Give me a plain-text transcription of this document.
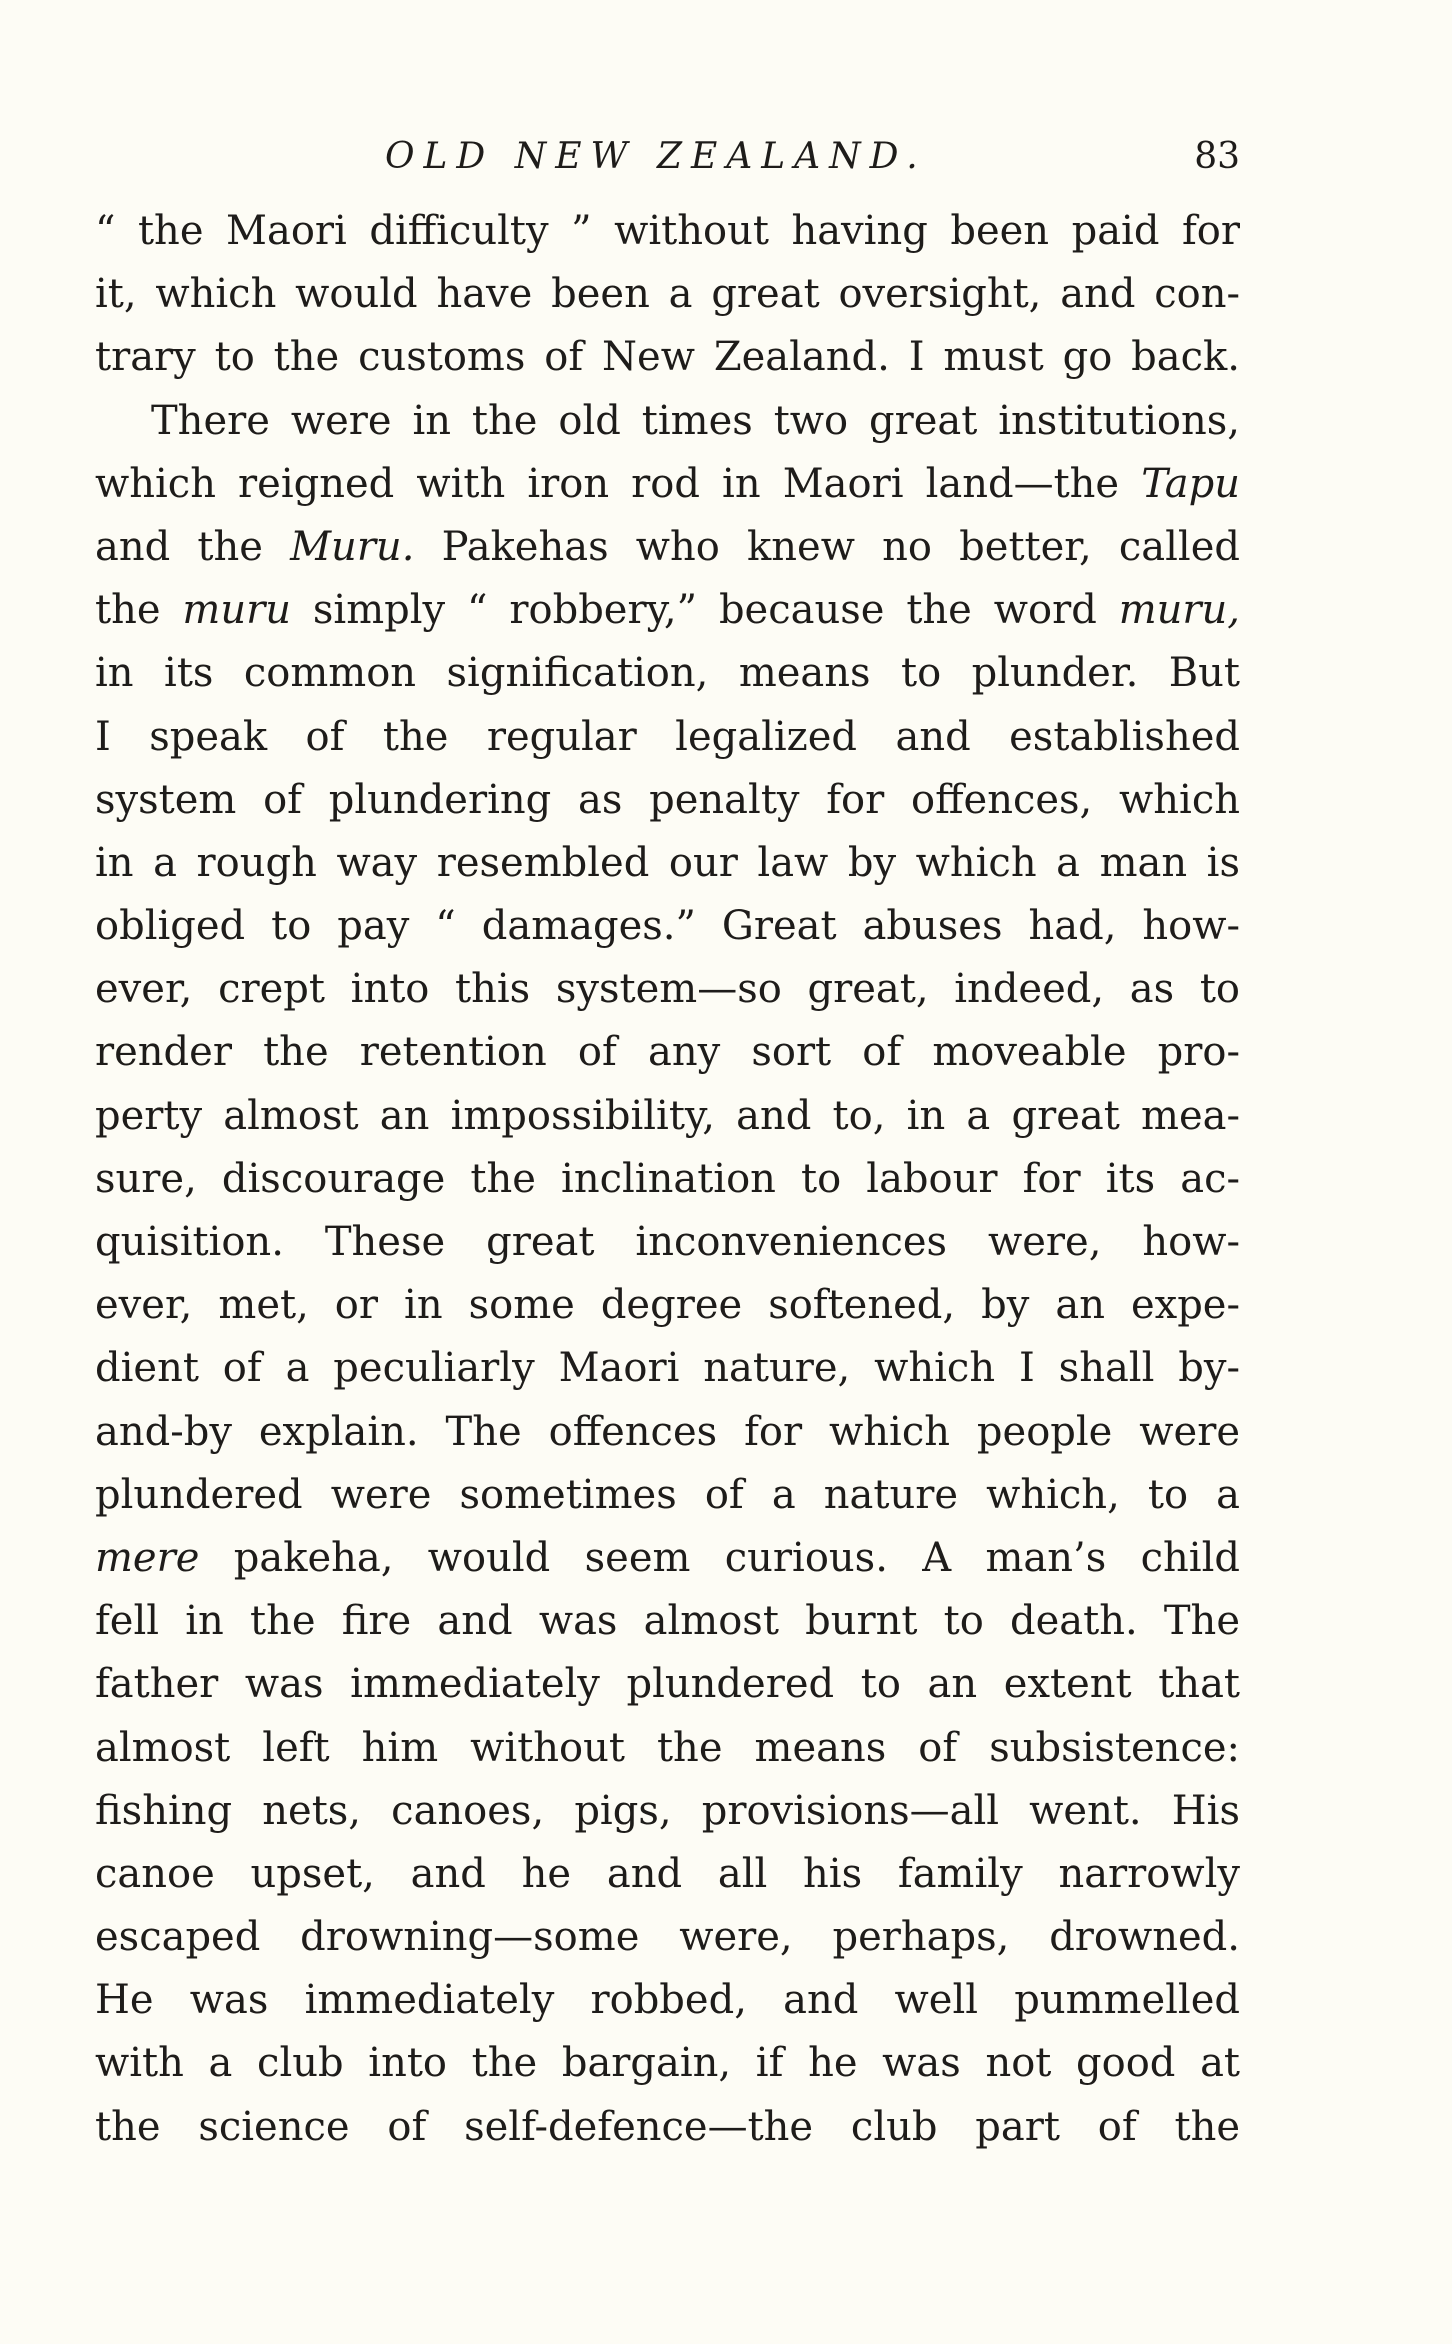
OLD NEW ZEALAND.	83
“ the Maori difficulty ” without having been paid for
it, which would have been a great oversight, and con-
trary to the customs of New Zealand. I must go back.
There were in the old times two great institutions,
which reigned with iron rod in Maori land—the Tapu
and the Muru. Pakehas who knew no better, called
the muru simply “ robbery,” because the word muru,
in its common signification, means to plunder. But
I speak of the regular legalized and established
system of plundering as penalty for offences, which
in a rough way resembled our law by which a man is
obliged to pay “ damages.” Great abuses had, how-
ever, crept into this system—so great, indeed, as to
render the retention of any sort of moveable pro-
perty almost an impossibility, and to, in a great mea-
sure, discourage the inclination to labour for its ac-
quisition. These great inconveniences were, how-
ever, met, or in some degree softened, by an expe-
dient of a peculiarly Maori nature, which I shall by-
and-by explain. The offences for which people were
plundered were sometimes of a nature which, to a
mere pakeha, would seem curious. A man’s child
fell in the fire and was almost burnt to death. The
father was immediately plundered to an extent that
almost left him without the means of subsistence:
fishing nets, canoes, pigs, provisions—all went. His
canoe upset, and he and all his family narrowly
escaped drowning—some were, perhaps, drowned.
He was immediately robbed, and well pummelled
with a club into the bargain, if he was not good at
the science of self-defence—the club part of the
